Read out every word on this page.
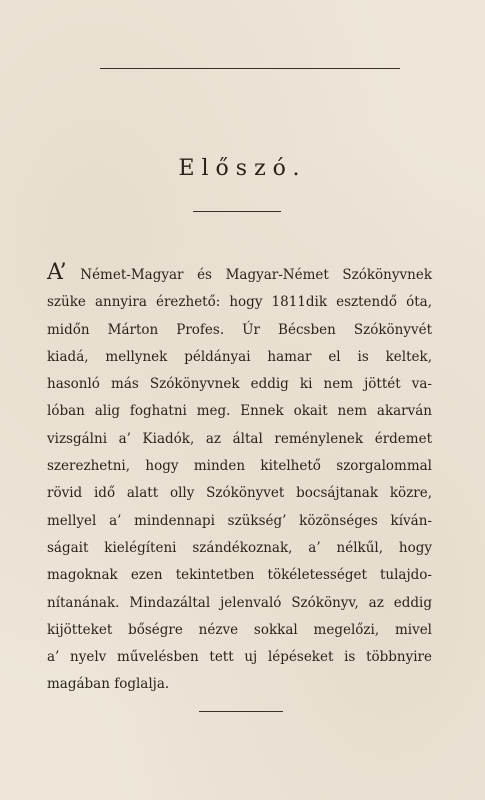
Előszó.
A’ Német-Magyar és Magyar-Német Szókönyvnek
szüke annyira érezhető: hogy 1811dik esztendő óta,
midőn Márton Profes. Úr Bécsben Szókönyvét
kiadá, mellynek példányai hamar el is keltek,
hasonló más Szókönyvnek eddig ki nem jöttét va-
lóban alig foghatni meg. Ennek okait nem akarván
vizsgálni a’ Kiadók, az által reménylenek érdemet
szerezhetni, hogy minden kitelhető szorgalommal
rövid idő alatt olly Szókönyvet bocsájtanak közre,
mellyel a’ mindennapi szükség’ közönséges kíván-
ságait kielégíteni szándékoznak, a’ nélkűl, hogy
magoknak ezen tekintetben tökéletességet tulajdo-
nítanának. Mindazáltal jelenvaló Szókönyv, az eddig
kijötteket bőségre nézve sokkal megelőzi, mivel
a’ nyelv művelésben tett uj lépéseket is többnyire
magában foglalja.
